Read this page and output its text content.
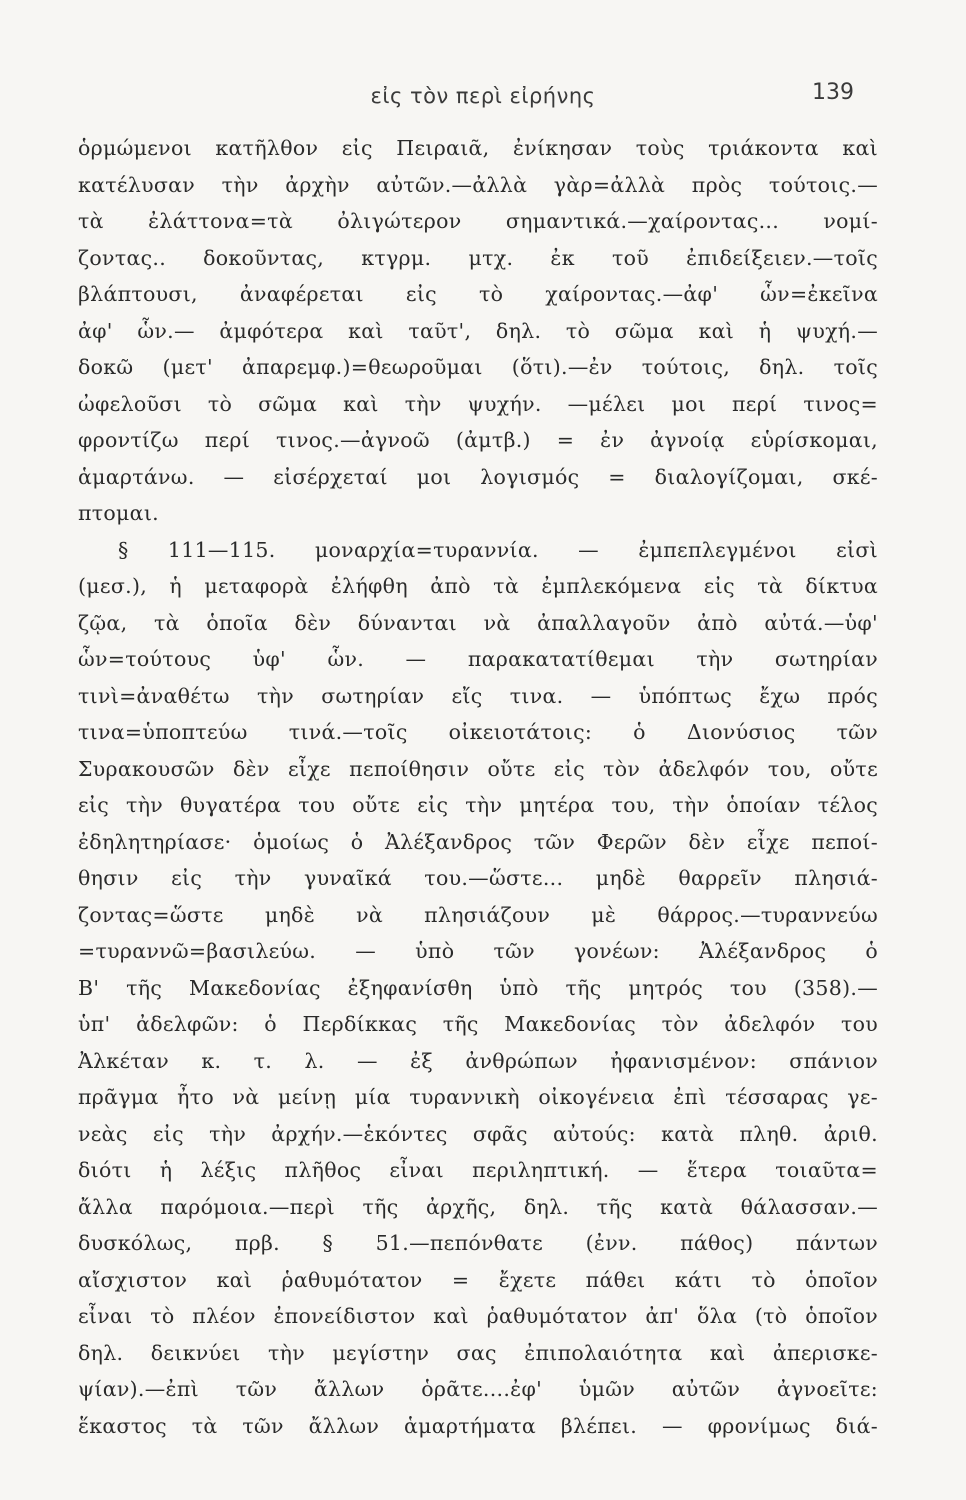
εἰς τὸν περὶ εἰρήνης	139
ὁρμώμενοι κατῆλθον εἰς Πειραιᾶ, ἐνίκησαν τοὺς τριάκοντα καὶ
κατέλυσαν τὴν ἀρχὴν αὐτῶν.—ἀλλὰ γὰρ=ἀλλὰ πρὸς τούτοις.—
τὰ ἐλάττονα=τὰ ὀλιγώτερον σημαντικά.—χαίροντας... νομί-
ζοντας.. δοκοῦντας, κτγρμ. μτχ. ἐκ τοῦ ἐπιδείξειεν.—τοῖς
βλάπτουσι, ἀναφέρεται εἰς τὸ χαίροντας.—ἀφ' ὧν=ἐκεῖνα
ἀφ' ὧν.— ἀμφότερα καὶ ταῦτ', δηλ. τὸ σῶμα καὶ ἡ ψυχή.—
δοκῶ (μετ' ἀπαρεμφ.)=θεωροῦμαι (ὅτι).—ἐν τούτοις, δηλ. τοῖς
ὠφελοῦσι τὸ σῶμα καὶ τὴν ψυχήν. —μέλει μοι περί τινος=
φροντίζω περί τινος.—ἀγνοῶ (ἀμτβ.) = ἐν ἀγνοίᾳ εὑρίσκομαι,
ἁμαρτάνω. — εἰσέρχεταί μοι λογισμός = διαλογίζομαι, σκέ-
πτομαι.
§ 111—115. μοναρχία=τυραννία. — ἐμπεπλεγμένοι εἰσὶ
(μεσ.), ἡ μεταφορὰ ἐλήφθη ἀπὸ τὰ ἐμπλεκόμενα εἰς τὰ δίκτυα
ζῷα, τὰ ὁποῖα δὲν δύνανται νὰ ἀπαλλαγοῦν ἀπὸ αὐτά.—ὑφ'
ὧν=τούτους ὑφ' ὧν. — παρακατατίθεμαι τὴν σωτηρίαν
τινὶ=ἀναθέτω τὴν σωτηρίαν εἴς τινα. — ὑπόπτως ἔχω πρός
τινα=ὑποπτεύω τινά.—τοῖς οἰκειοτάτοις: ὁ Διονύσιος τῶν
Συρακουσῶν δὲν εἶχε πεποίθησιν οὔτε εἰς τὸν ἀδελφόν του, οὔτε
εἰς τὴν θυγατέρα του οὔτε εἰς τὴν μητέρα του, τὴν ὁποίαν τέλος
ἐδηλητηρίασε· ὁμοίως ὁ Ἀλέξανδρος τῶν Φερῶν δὲν εἶχε πεποί-
θησιν εἰς τὴν γυναῖκά του.—ὥστε... μηδὲ θαρρεῖν πλησιά-
ζοντας=ὥστε μηδὲ νὰ πλησιάζουν μὲ θάρρος.—τυραννεύω
=τυραννῶ=βασιλεύω. — ὑπὸ τῶν γονέων: Ἀλέξανδρος ὁ
Β' τῆς Μακεδονίας ἐξηφανίσθη ὑπὸ τῆς μητρός του (358).—
ὑπ' ἀδελφῶν: ὁ Περδίκκας τῆς Μακεδονίας τὸν ἀδελφόν του
Ἀλκέταν κ. τ. λ. — ἐξ ἀνθρώπων ἠφανισμένον: σπάνιον
πρᾶγμα ἦτο νὰ μείνῃ μία τυραννικὴ οἰκογένεια ἐπὶ τέσσαρας γε-
νεὰς εἰς τὴν ἀρχήν.—ἑκόντες σφᾶς αὐτούς: κατὰ πληθ. ἀριθ.
διότι ἡ λέξις πλῆθος εἶναι περιληπτική. — ἕτερα τοιαῦτα=
ἄλλα παρόμοια.—περὶ τῆς ἀρχῆς, δηλ. τῆς κατὰ θάλασσαν.—
δυσκόλως, πρβ. § 51.—πεπόνθατε (ἐνν. πάθος) πάντων
αἴσχιστον καὶ ῥαθυμότατον = ἔχετε πάθει κάτι τὸ ὁποῖον
εἶναι τὸ πλέον ἐπονείδιστον καὶ ῥαθυμότατον ἀπ' ὅλα (τὸ ὁποῖον
δηλ. δεικνύει τὴν μεγίστην σας ἐπιπολαιότητα καὶ ἀπερισκε-
ψίαν).—ἐπὶ τῶν ἄλλων ὁρᾶτε....ἐφ' ὑμῶν αὐτῶν ἀγνοεῖτε:
ἕκαστος τὰ τῶν ἄλλων ἁμαρτήματα βλέπει. — φρονίμως διά-
